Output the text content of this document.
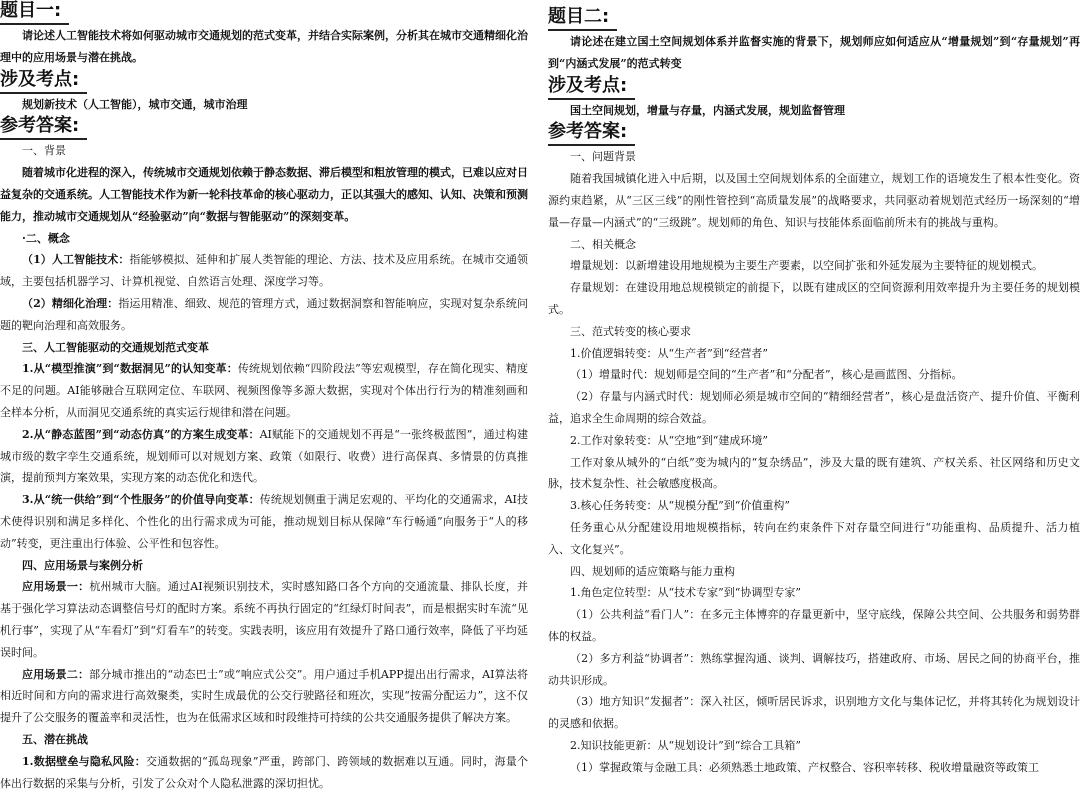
题目一:

请论述人工智能技术将如何驱动城市交通规划的范式变革，并结合实际案例，分析其在城市交通精细化治理中的应用场景与潜在挑战。

涉及考点:

规划新技术（人工智能），城市交通，城市治理

参考答案:

一、背景

随着城市化进程的深入，传统城市交通规划依赖于静态数据、滞后模型和粗放管理的模式，已难以应对日益复杂的交通系统。人工智能技术作为新一轮科技革命的核心驱动力，正以其强大的感知、认知、决策和预测能力，推动城市交通规划从“经验驱动”向“数据与智能驱动”的深刻变革。

·二、概念

（1）人工智能技术：指能够模拟、延伸和扩展人类智能的理论、方法、技术及应用系统。在城市交通领域，主要包括机器学习、计算机视觉、自然语言处理、深度学习等。

（2）精细化治理：指运用精准、细致、规范的管理方式，通过数据洞察和智能响应，实现对复杂系统问题的靶向治理和高效服务。

三、人工智能驱动的交通规划范式变革

1.从“模型推演”到“数据洞见”的认知变革：传统规划依赖“四阶段法”等宏观模型，存在简化现实、精度不足的问题。AI能够融合互联网定位、车联网、视频图像等多源大数据，实现对个体出行行为的精准刻画和全样本分析，从而洞见交通系统的真实运行规律和潜在问题。

2.从“静态蓝图”到“动态仿真”的方案生成变革：AI赋能下的交通规划不再是“一张终极蓝图”，通过构建城市级的数字孪生交通系统，规划师可以对规划方案、政策（如限行、收费）进行高保真、多情景的仿真推演，提前预判方案效果，实现方案的动态优化和迭代。

3.从“统一供给”到“个性服务”的价值导向变革：传统规划侧重于满足宏观的、平均化的交通需求，AI技术使得识别和满足多样化、个性化的出行需求成为可能，推动规划目标从保障“车行畅通”向服务于“人的移动”转变，更注重出行体验、公平性和包容性。

四、应用场景与案例分析

应用场景一：杭州城市大脑。通过AI视频识别技术，实时感知路口各个方向的交通流量、排队长度，并基于强化学习算法动态调整信号灯的配时方案。系统不再执行固定的“红绿灯时间表”，而是根据实时车流“见机行事”，实现了从“车看灯”到“灯看车”的转变。实践表明，该应用有效提升了路口通行效率，降低了平均延误时间。

应用场景二：部分城市推出的“动态巴士”或“响应式公交”。用户通过手机APP提出出行需求，AI算法将相近时间和方向的需求进行高效聚类，实时生成最优的公交行驶路径和班次，实现“按需分配运力”，这不仅提升了公交服务的覆盖率和灵活性，也为在低需求区域和时段维持可持续的公共交通服务提供了解决方案。

五、潜在挑战

1.数据壁垒与隐私风险：交通数据的“孤岛现象”严重，跨部门、跨领域的数据难以互通。同时，海量个体出行数据的采集与分析，引发了公众对个人隐私泄露的深切担忧。

题目二:

请论述在建立国土空间规划体系并监督实施的背景下，规划师应如何适应从“增量规划”到“存量规划”再到“内涵式发展”的范式转变

涉及考点:

国土空间规划，增量与存量，内涵式发展，规划监督管理

参考答案:

一、问题背景

随着我国城镇化进入中后期，以及国土空间规划体系的全面建立，规划工作的语境发生了根本性变化。资源约束趋紧，从“三区三线”的刚性管控到“高质量发展”的战略要求，共同驱动着规划范式经历一场深刻的“增量—存量—内涵式”的“三级跳”。规划师的角色、知识与技能体系面临前所未有的挑战与重构。

二、相关概念

增量规划：以新增建设用地规模为主要生产要素，以空间扩张和外延发展为主要特征的规划模式。

存量规划：在建设用地总规模锁定的前提下，以既有建成区的空间资源利用效率提升为主要任务的规划模式。

三、范式转变的核心要求

1.价值逻辑转变：从“生产者”到“经营者”

（1）增量时代：规划师是空间的“生产者”和“分配者”，核心是画蓝图、分指标。

（2）存量与内涵式时代：规划师必须是城市空间的“精细经营者”，核心是盘活资产、提升价值、平衡利益，追求全生命周期的综合效益。

2.工作对象转变：从“空地”到“建成环境”

工作对象从城外的“白纸”变为城内的“复杂绣品”，涉及大量的既有建筑、产权关系、社区网络和历史文脉，技术复杂性、社会敏感度极高。

3.核心任务转变：从“规模分配”到“价值重构”

任务重心从分配建设用地规模指标，转向在约束条件下对存量空间进行“功能重构、品质提升、活力植入、文化复兴”。

四、规划师的适应策略与能力重构

1.角色定位转型：从“技术专家”到“协调型专家”

（1）公共利益“看门人”：在多元主体博弈的存量更新中，坚守底线，保障公共空间、公共服务和弱势群体的权益。

（2）多方利益“协调者”：熟练掌握沟通、谈判、调解技巧，搭建政府、市场、居民之间的协商平台，推动共识形成。

（3）地方知识“发掘者”：深入社区，倾听居民诉求，识别地方文化与集体记忆，并将其转化为规划设计的灵感和依据。

2.知识技能更新：从“规划设计”到“综合工具箱”

（1）掌握政策与金融工具：必须熟悉土地政策、产权整合、容积率转移、税收增量融资等政策工
